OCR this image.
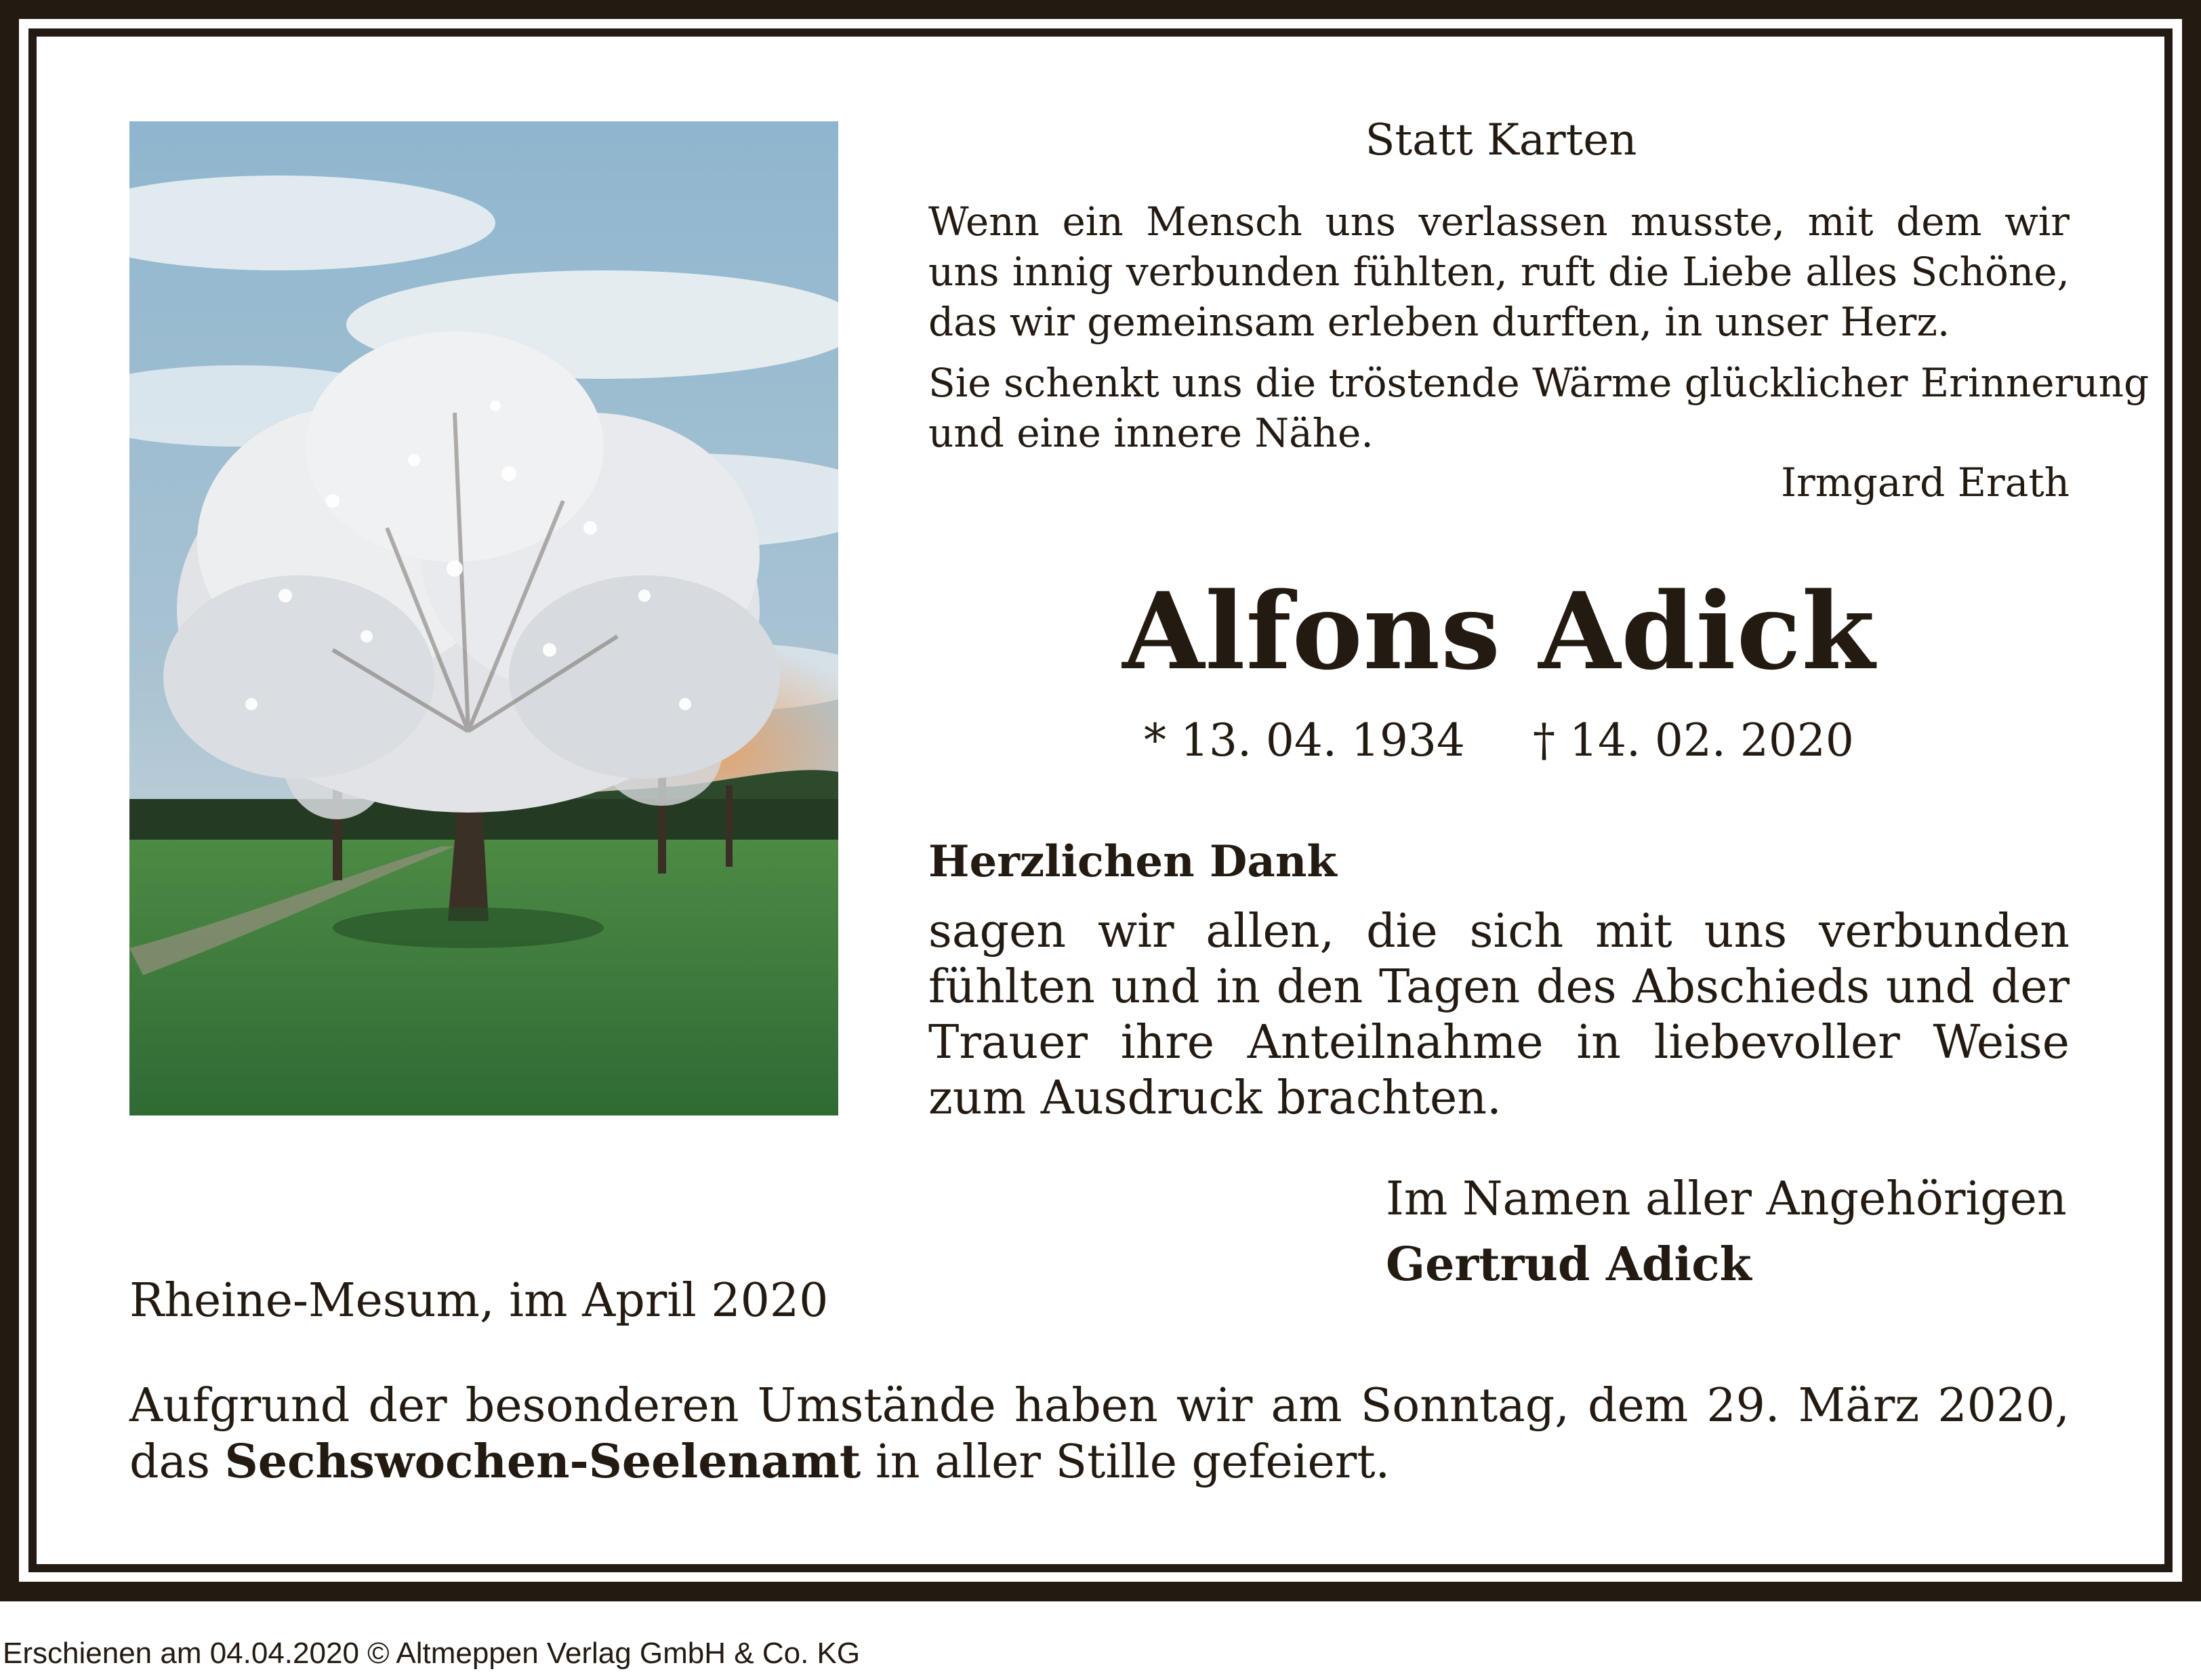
Statt Karten

Wenn ein Mensch uns verlassen musste, mit dem wir

uns innig verbunden fühlten, ruft die Liebe alles Schöne,

das wir gemeinsam erleben durften, in unser Herz.

Sie schenkt uns die tröstende Wärme glücklicher Erinnerung

und eine innere Nähe.

Irmgard Erath

Alfons Adick

* 13. 04. 1934 † 14. 02. 2020

Herzlichen Dank

sagen wir allen, die sich mit uns verbunden

fühlten und in den Tagen des Abschieds und der

Trauer ihre Anteilnahme in liebevoller Weise

zum Ausdruck brachten.

Im Namen aller Angehörigen

Gertrud Adick

Rheine-Mesum, im April 2020

Aufgrund der besonderen Umstände haben wir am Sonntag, dem 29. März 2020,

das Sechswochen-Seelenamt in aller Stille gefeiert.

Erschienen am 04.04.2020 © Altmeppen Verlag GmbH & Co. KG
